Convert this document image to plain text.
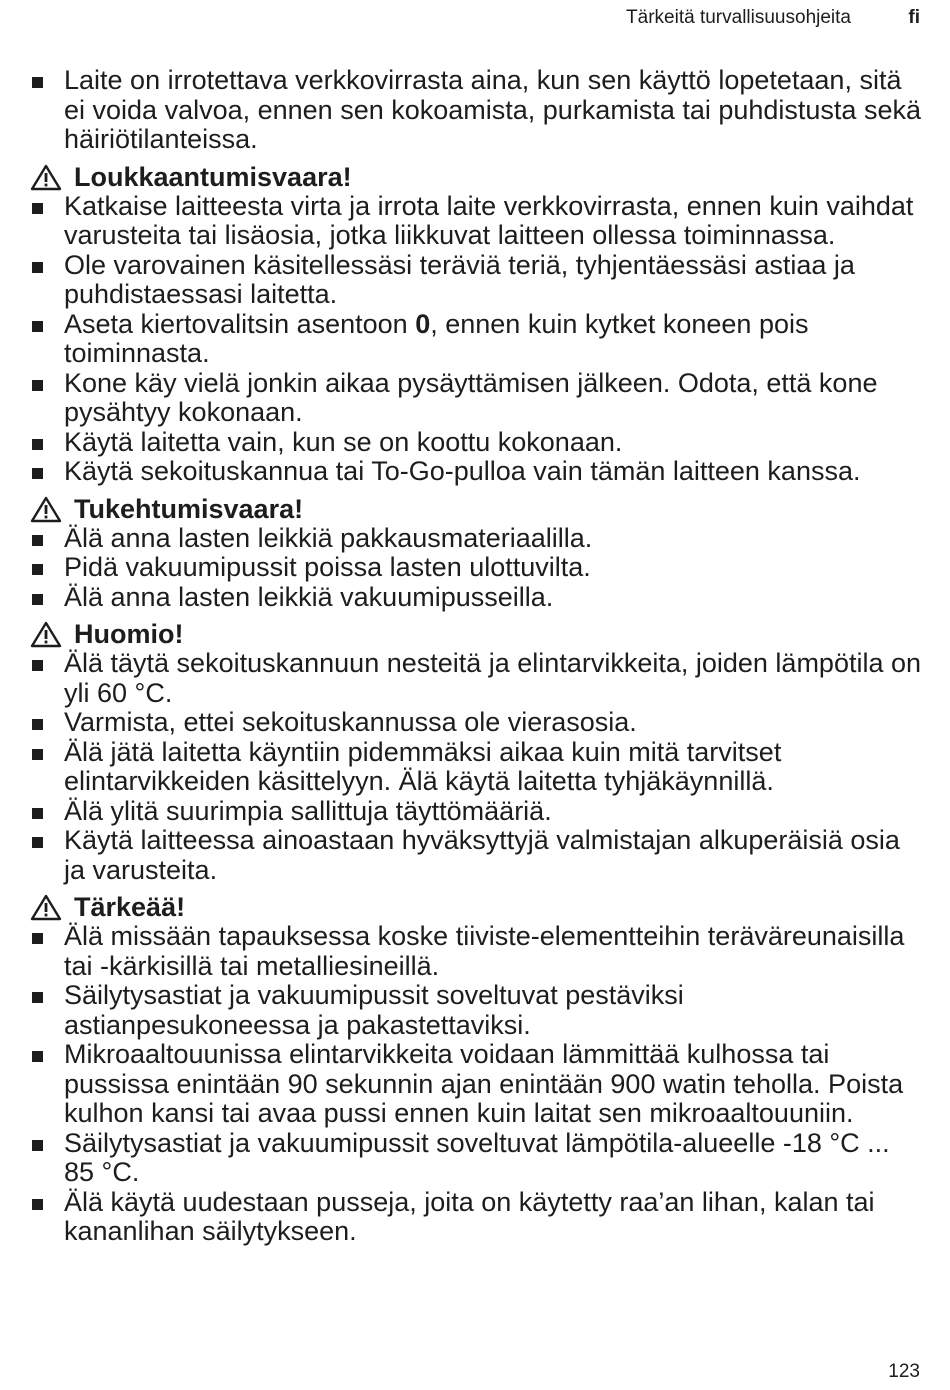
Tärkeitä turvallisuusohjeita	fi
Laite on irrotettava verkkovirrasta aina, kun sen käyttö lopetetaan, sitä ei voida valvoa, ennen sen kokoamista, purkamista tai puhdistusta sekä häiriötilanteissa.
Loukkaantumisvaara!
Katkaise laitteesta virta ja irrota laite verkkovirrasta, ennen kuin vaihdat varusteita tai lisäosia, jotka liikkuvat laitteen ollessa toiminnassa.
Ole varovainen käsitellessäsi teräviä teriä, tyhjentäessäsi astiaa ja puhdistaessasi laitetta.
Aseta kiertovalitsin asentoon 0, ennen kuin kytket koneen pois toiminnasta.
Kone käy vielä jonkin aikaa pysäyttämisen jälkeen. Odota, että kone pysähtyy kokonaan.
Käytä laitetta vain, kun se on koottu kokonaan.
Käytä sekoituskannua tai To-Go-pulloa vain tämän laitteen kanssa.
Tukehtumisvaara!
Älä anna lasten leikkiä pakkausmateriaalilla.
Pidä vakuumipussit poissa lasten ulottuvilta.
Älä anna lasten leikkiä vakuumipusseilla.
Huomio!
Älä täytä sekoituskannuun nesteitä ja elintarvikkeita, joiden lämpötila on yli 60 °C.
Varmista, ettei sekoituskannussa ole vierasosia.
Älä jätä laitetta käyntiin pidemmäksi aikaa kuin mitä tarvitset elintarvikkeiden käsittelyyn. Älä käytä laitetta tyhjäkäynnillä.
Älä ylitä suurimpia sallittuja täyttömääriä.
Käytä laitteessa ainoastaan hyväksyttyjä valmistajan alkuperäisiä osia ja varusteita.
Tärkeää!
Älä missään tapauksessa koske tiiviste-elementteihin teräväreunaisilla tai -kärkisillä tai metalliesineillä.
Säilytysastiat ja vakuumipussit soveltuvat pestäviksi astianpesukoneessa ja pakastettaviksi.
Mikroaaltouunissa elintarvikkeita voidaan lämmittää kulhossa tai pussissa enintään 90 sekunnin ajan enintään 900 watin teholla. Poista kulhon kansi tai avaa pussi ennen kuin laitat sen mikroaaltouuniin.
Säilytysastiat ja vakuumipussit soveltuvat lämpötila-alueelle -18 °C ... 85 °C.
Älä käytä uudestaan pusseja, joita on käytetty raa’an lihan, kalan tai kananlihan säilytykseen.
123
